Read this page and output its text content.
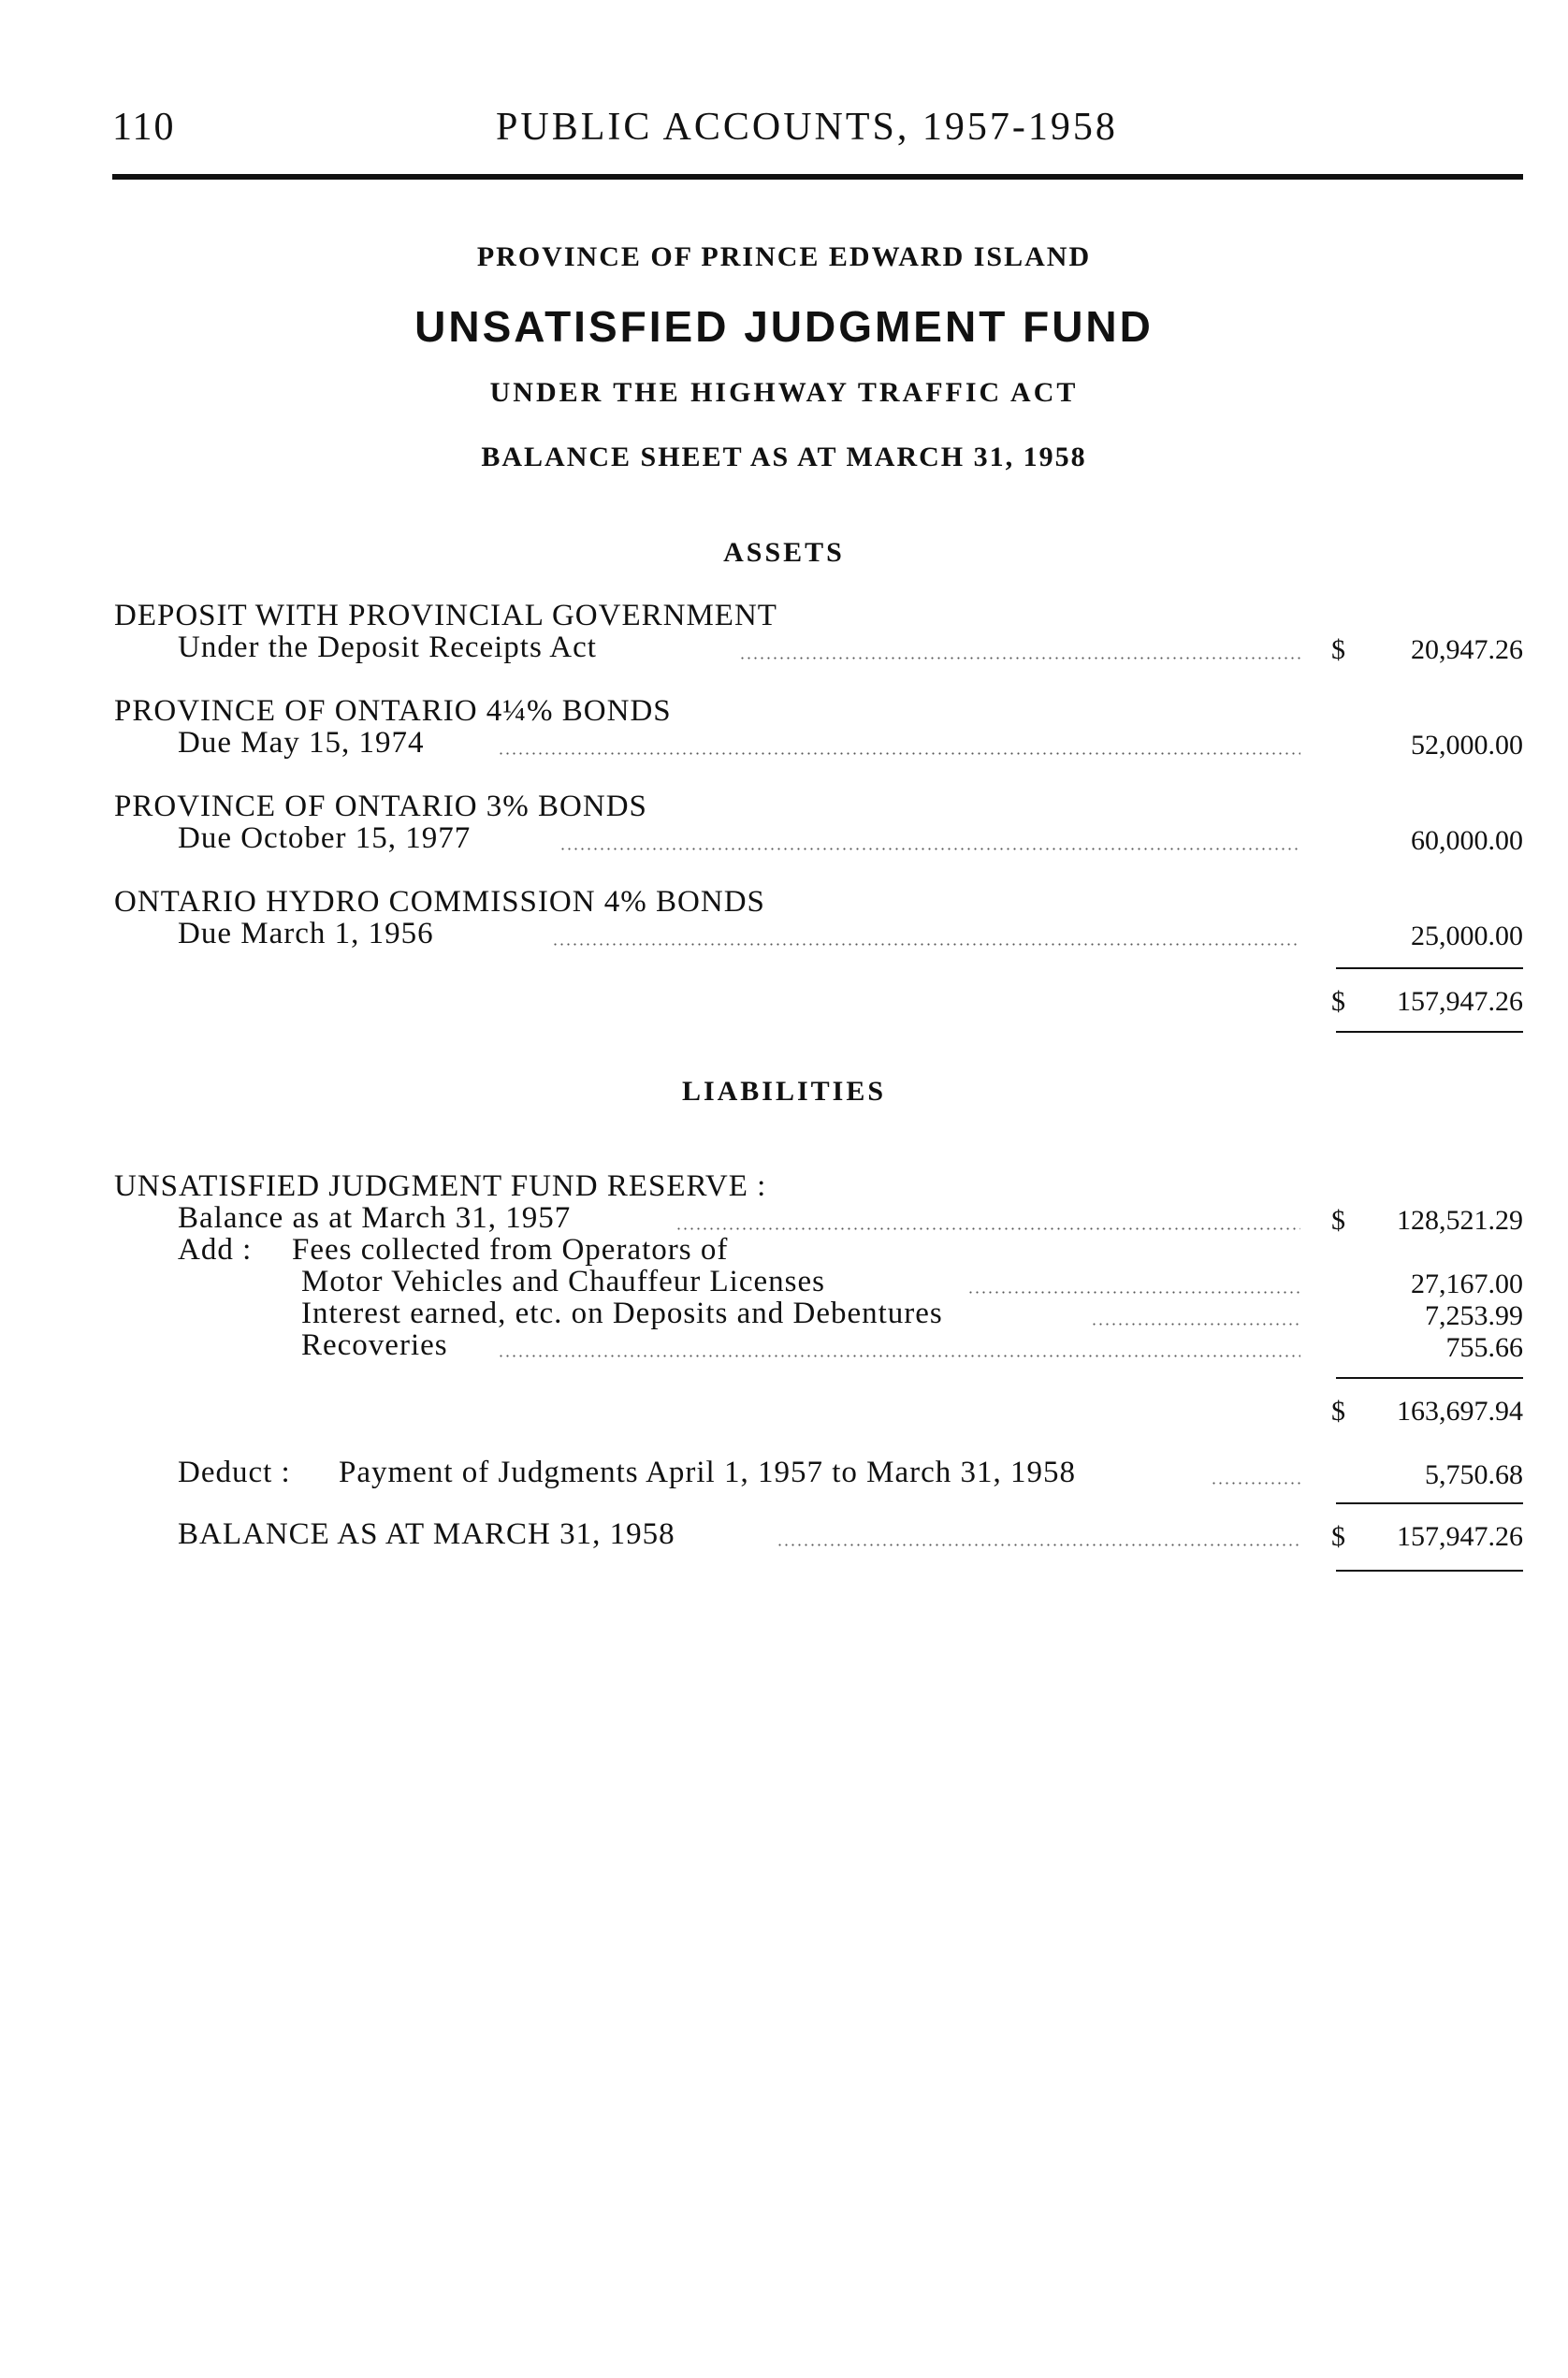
110	PUBLIC ACCOUNTS, 1957-1958
PROVINCE OF PRINCE EDWARD ISLAND
UNSATISFIED JUDGMENT FUND
UNDER THE HIGHWAY TRAFFIC ACT
BALANCE SHEET AS AT MARCH 31, 1958
ASSETS
DEPOSIT WITH PROVINCIAL GOVERNMENT
Under the Deposit Receipts Act	$ 20,947.26
PROVINCE OF ONTARIO 4¼% BONDS
Due May 15, 1974	52,000.00
PROVINCE OF ONTARIO 3% BONDS
Due October 15, 1977	60,000.00
ONTARIO HYDRO COMMISSION 4% BONDS
Due March 1, 1956	25,000.00
$ 157,947.26
LIABILITIES
UNSATISFIED JUDGMENT FUND RESERVE :
Balance as at March 31, 1957	$ 128,521.29
Add : Fees collected from Operators of
Motor Vehicles and Chauffeur Licenses	27,167.00
Interest earned, etc. on Deposits and Debentures	7,253.99
Recoveries	755.66
$ 163,697.94
Deduct : Payment of Judgments April 1, 1957 to March 31, 1958	5,750.68
BALANCE AS AT MARCH 31, 1958	$ 157,947.26
